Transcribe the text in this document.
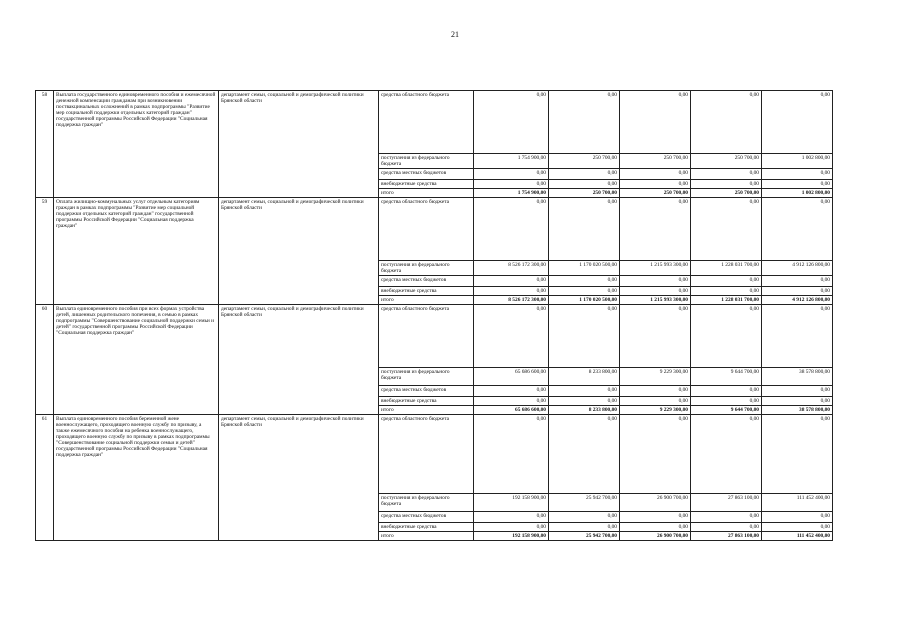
21
58	Выплата государственного единовременного пособия и ежемесячной денежной компенсации гражданам при возникновении поствакцинальных осложнений в рамках подпрограммы "Развитие мер социальной поддержки отдельных категорий граждан" государственной программы Российской Федерации "Социальная поддержка граждан"	департамент семьи, социальной и демографической политики Брянской области	средства областного бюджета	0,00	0,00	0,00	0,00	0,00
			поступления из федерального бюджета	1 754 900,00	250 700,00	250 700,00	250 700,00	1 002 800,00
			средства местных бюджетов	0,00	0,00	0,00	0,00	0,00
			внебюджетные средства	0,00	0,00	0,00	0,00	0,00
			итого	1 754 900,00	250 700,00	250 700,00	250 700,00	1 002 800,00
59	Оплата жилищно-коммунальных услуг отдельным категориям граждан в рамках подпрограммы "Развитие мер социальной поддержки отдельных категорий граждан" государственной программы Российской Федерации "Социальная поддержка граждан"	департамент семьи, социальной и демографической политики Брянской области	средства областного бюджета	0,00	0,00	0,00	0,00	0,00
			поступления из федерального бюджета	8 526 172 300,00	1 170 020 500,00	1 215 993 300,00	1 228 031 700,00	4 912 126 800,00
			средства местных бюджетов	0,00	0,00	0,00	0,00	0,00
			внебюджетные средства	0,00	0,00	0,00	0,00	0,00
			итого	8 526 172 300,00	1 170 020 500,00	1 215 993 300,00	1 228 031 700,00	4 912 126 800,00
60	Выплата единовременного пособия при всех формах устройства детей, лишенных родительского попечения, в семью в рамках подпрограммы "Совершенствование социальной поддержки семьи и детей" государственной программы Российской Федерации "Социальная поддержка граждан"	департамент семьи, социальной и демографической политики Брянской области	средства областного бюджета	0,00	0,00	0,00	0,00	0,00
			поступления из федерального бюджета	65 686 600,00	8 233 800,00	9 229 300,00	9 644 700,00	38 578 800,00
			средства местных бюджетов	0,00	0,00	0,00	0,00	0,00
			внебюджетные средства	0,00	0,00	0,00	0,00	0,00
			итого	65 686 600,00	8 233 800,00	9 229 300,00	9 644 700,00	38 578 800,00
61	Выплата единовременного пособия беременной жене военнослужащего, проходящего военную службу по призыву, а также ежемесячного пособия на ребенка военнослужащего, проходящего военную службу по призыву в рамках подпрограммы "Совершенствование социальной поддержки семьи и детей" государственной программы Российской Федерации "Социальная поддержка граждан"	департамент семьи, социальной и демографической политики Брянской области	средства областного бюджета	0,00	0,00	0,00	0,00	0,00
			поступления из федерального бюджета	192 158 900,00	25 942 700,00	26 900 700,00	27 863 100,00	111 452 400,00
			средства местных бюджетов	0,00	0,00	0,00	0,00	0,00
			внебюджетные средства	0,00	0,00	0,00	0,00	0,00
			итого	192 158 900,00	25 942 700,00	26 900 700,00	27 863 100,00	111 452 400,00
